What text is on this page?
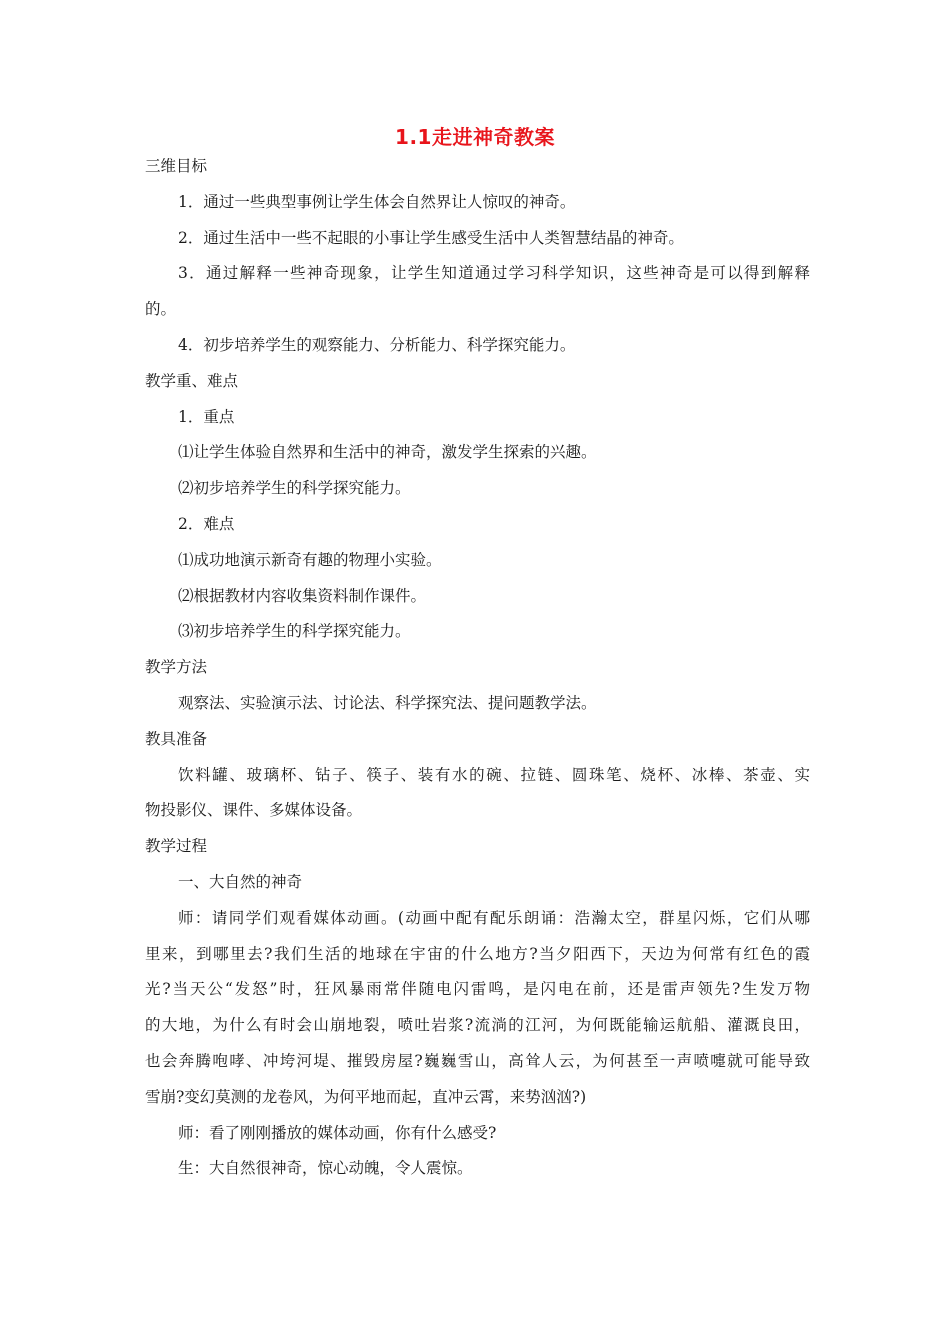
1.1走进神奇教案

三维目标

1．通过一些典型事例让学生体会自然界让人惊叹的神奇。

2．通过生活中一些不起眼的小事让学生感受生活中人类智慧结晶的神奇。

3．通过解释一些神奇现象，让学生知道通过学习科学知识，这些神奇是可以得到解释

的。

4．初步培养学生的观察能力、分析能力、科学探究能力。

教学重、难点

1．重点

⑴让学生体验自然界和生活中的神奇，激发学生探索的兴趣。

⑵初步培养学生的科学探究能力。

2．难点

⑴成功地演示新奇有趣的物理小实验。

⑵根据教材内容收集资料制作课件。

⑶初步培养学生的科学探究能力。

教学方法

观察法、实验演示法、讨论法、科学探究法、提问题教学法。

教具准备

饮料罐、玻璃杯、钻子、筷子、装有水的碗、拉链、圆珠笔、烧杯、冰棒、茶壶、实

物投影仪、课件、多媒体设备。

教学过程

一、大自然的神奇

师：请同学们观看媒体动画。(动画中配有配乐朗诵：浩瀚太空，群星闪烁，它们从哪

里来，到哪里去?我们生活的地球在宇宙的什么地方?当夕阳西下，天边为何常有红色的霞

光?当天公“发怒”时，狂风暴雨常伴随电闪雷鸣，是闪电在前，还是雷声领先?生发万物

的大地，为什么有时会山崩地裂，喷吐岩浆?流淌的江河，为何既能输运航船、灌溉良田，

也会奔腾咆哮、冲垮河堤、摧毁房屋?巍巍雪山，高耸人云，为何甚至一声喷嚏就可能导致

雪崩?变幻莫测的龙卷风，为何平地而起，直冲云霄，来势汹汹?)

师：看了刚刚播放的媒体动画，你有什么感受?

生：大自然很神奇，惊心动魄，令人震惊。
